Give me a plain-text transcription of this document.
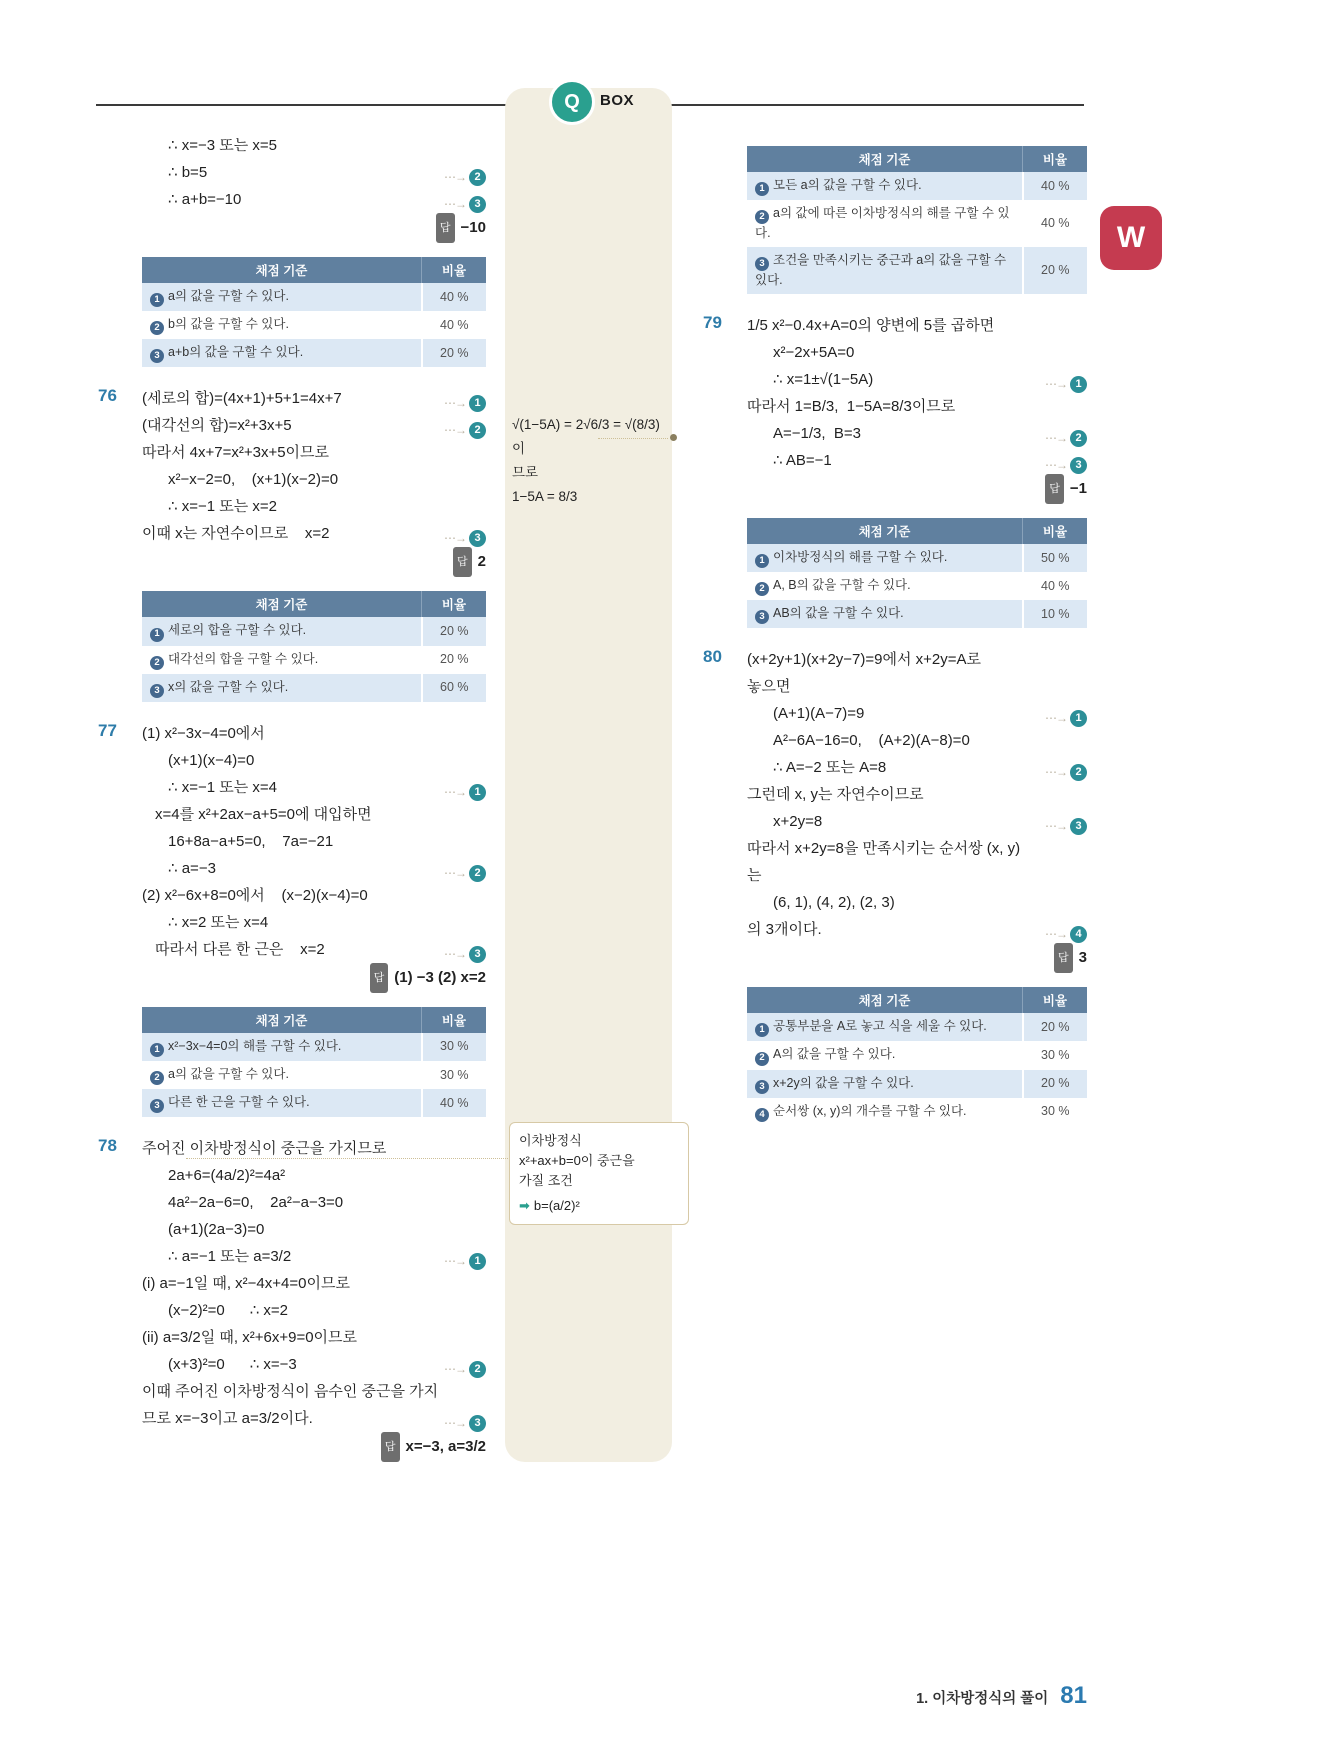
Q	BOX
∴ x=−3 또는 x=5
∴ b=5	⋯→ 2
∴ a+b=−10	⋯→ 3
답 −10
채점 기준	비율
1 a의 값을 구할 수 있다.	40 %
2 b의 값을 구할 수 있다.	40 %
3 a+b의 값을 구할 수 있다.	20 %
76 (세로의 합)=(4x+1)+5+1=4x+7	⋯→ 1
(대각선의 합)=x²+3x+5	⋯→ 2
따라서 4x+7=x²+3x+5이므로
x²−x−2=0,    (x+1)(x−2)=0
∴ x=−1 또는 x=2
이때 x는 자연수이므로    x=2	⋯→ 3
답 2
채점 기준	비율
1 세로의 합을 구할 수 있다.	20 %
2 대각선의 합을 구할 수 있다.	20 %
3 x의 값을 구할 수 있다.	60 %
77 (1) x²−3x−4=0에서
(x+1)(x−4)=0
∴ x=−1 또는 x=4	⋯→ 1
x=4를 x²+2ax−a+5=0에 대입하면
16+8a−a+5=0,    7a=−21
∴ a=−3	⋯→ 2
(2) x²−6x+8=0에서    (x−2)(x−4)=0
∴ x=2 또는 x=4
따라서 다른 한 근은    x=2	⋯→ 3
답 (1) −3 (2) x=2
채점 기준	비율
1 x²−3x−4=0의 해를 구할 수 있다.	30 %
2 a의 값을 구할 수 있다.	30 %
3 다른 한 근을 구할 수 있다.	40 %
78 주어진 이차방정식이 중근을 가지므로
2a+6=(4a/2)²=4a²
4a²−2a−6=0,    2a²−a−3=0
(a+1)(2a−3)=0
∴ a=−1 또는 a=3/2	⋯→ 1
(i) a=−1일 때, x²−4x+4=0이므로
(x−2)²=0      ∴ x=2
(ii) a=3/2일 때, x²+6x+9=0이므로
(x+3)²=0      ∴ x=−3	⋯→ 2
이때 주어진 이차방정식이 음수인 중근을 가지
므로 x=−3이고 a=3/2이다.	⋯→ 3
답 x=−3, a=3/2
채점 기준	비율
1 모든 a의 값을 구할 수 있다.	40 %
2 a의 값에 따른 이차방정식의 해를 구할 수 있다.	40 %
3 조건을 만족시키는 중근과 a의 값을 구할 수 있다.	20 %
79 1/5 x²−0.4x+A=0의 양변에 5를 곱하면
x²−2x+5A=0
∴ x=1±√(1−5A)	⋯→ 1
따라서 1=B/3,  1−5A=8/3이므로
A=−1/3,  B=3	⋯→ 2
∴ AB=−1	⋯→ 3
답 −1
채점 기준	비율
1 이차방정식의 해를 구할 수 있다.	50 %
2 A, B의 값을 구할 수 있다.	40 %
3 AB의 값을 구할 수 있다.	10 %
80 (x+2y+1)(x+2y−7)=9에서 x+2y=A로
놓으면
(A+1)(A−7)=9	⋯→ 1
A²−6A−16=0,    (A+2)(A−8)=0
∴ A=−2 또는 A=8	⋯→ 2
그런데 x, y는 자연수이므로
x+2y=8	⋯→ 3
따라서 x+2y=8을 만족시키는 순서쌍 (x, y)
는
(6, 1), (4, 2), (2, 3)
의 3개이다.	⋯→ 4
답 3
채점 기준	비율
1 공통부분을 A로 놓고 식을 세울 수 있다.	20 %
2 A의 값을 구할 수 있다.	30 %
3 x+2y의 값을 구할 수 있다.	20 %
4 순서쌍 (x, y)의 개수를 구할 수 있다.	30 %
√(1−5A) = 2√6/3 = √(8/3) 이
므로
1−5A = 8/3
이차방정식
x²+ax+b=0이 중근을
가질 조건
➡ b=(a/2)²
W
1. 이차방정식의 풀이 81
